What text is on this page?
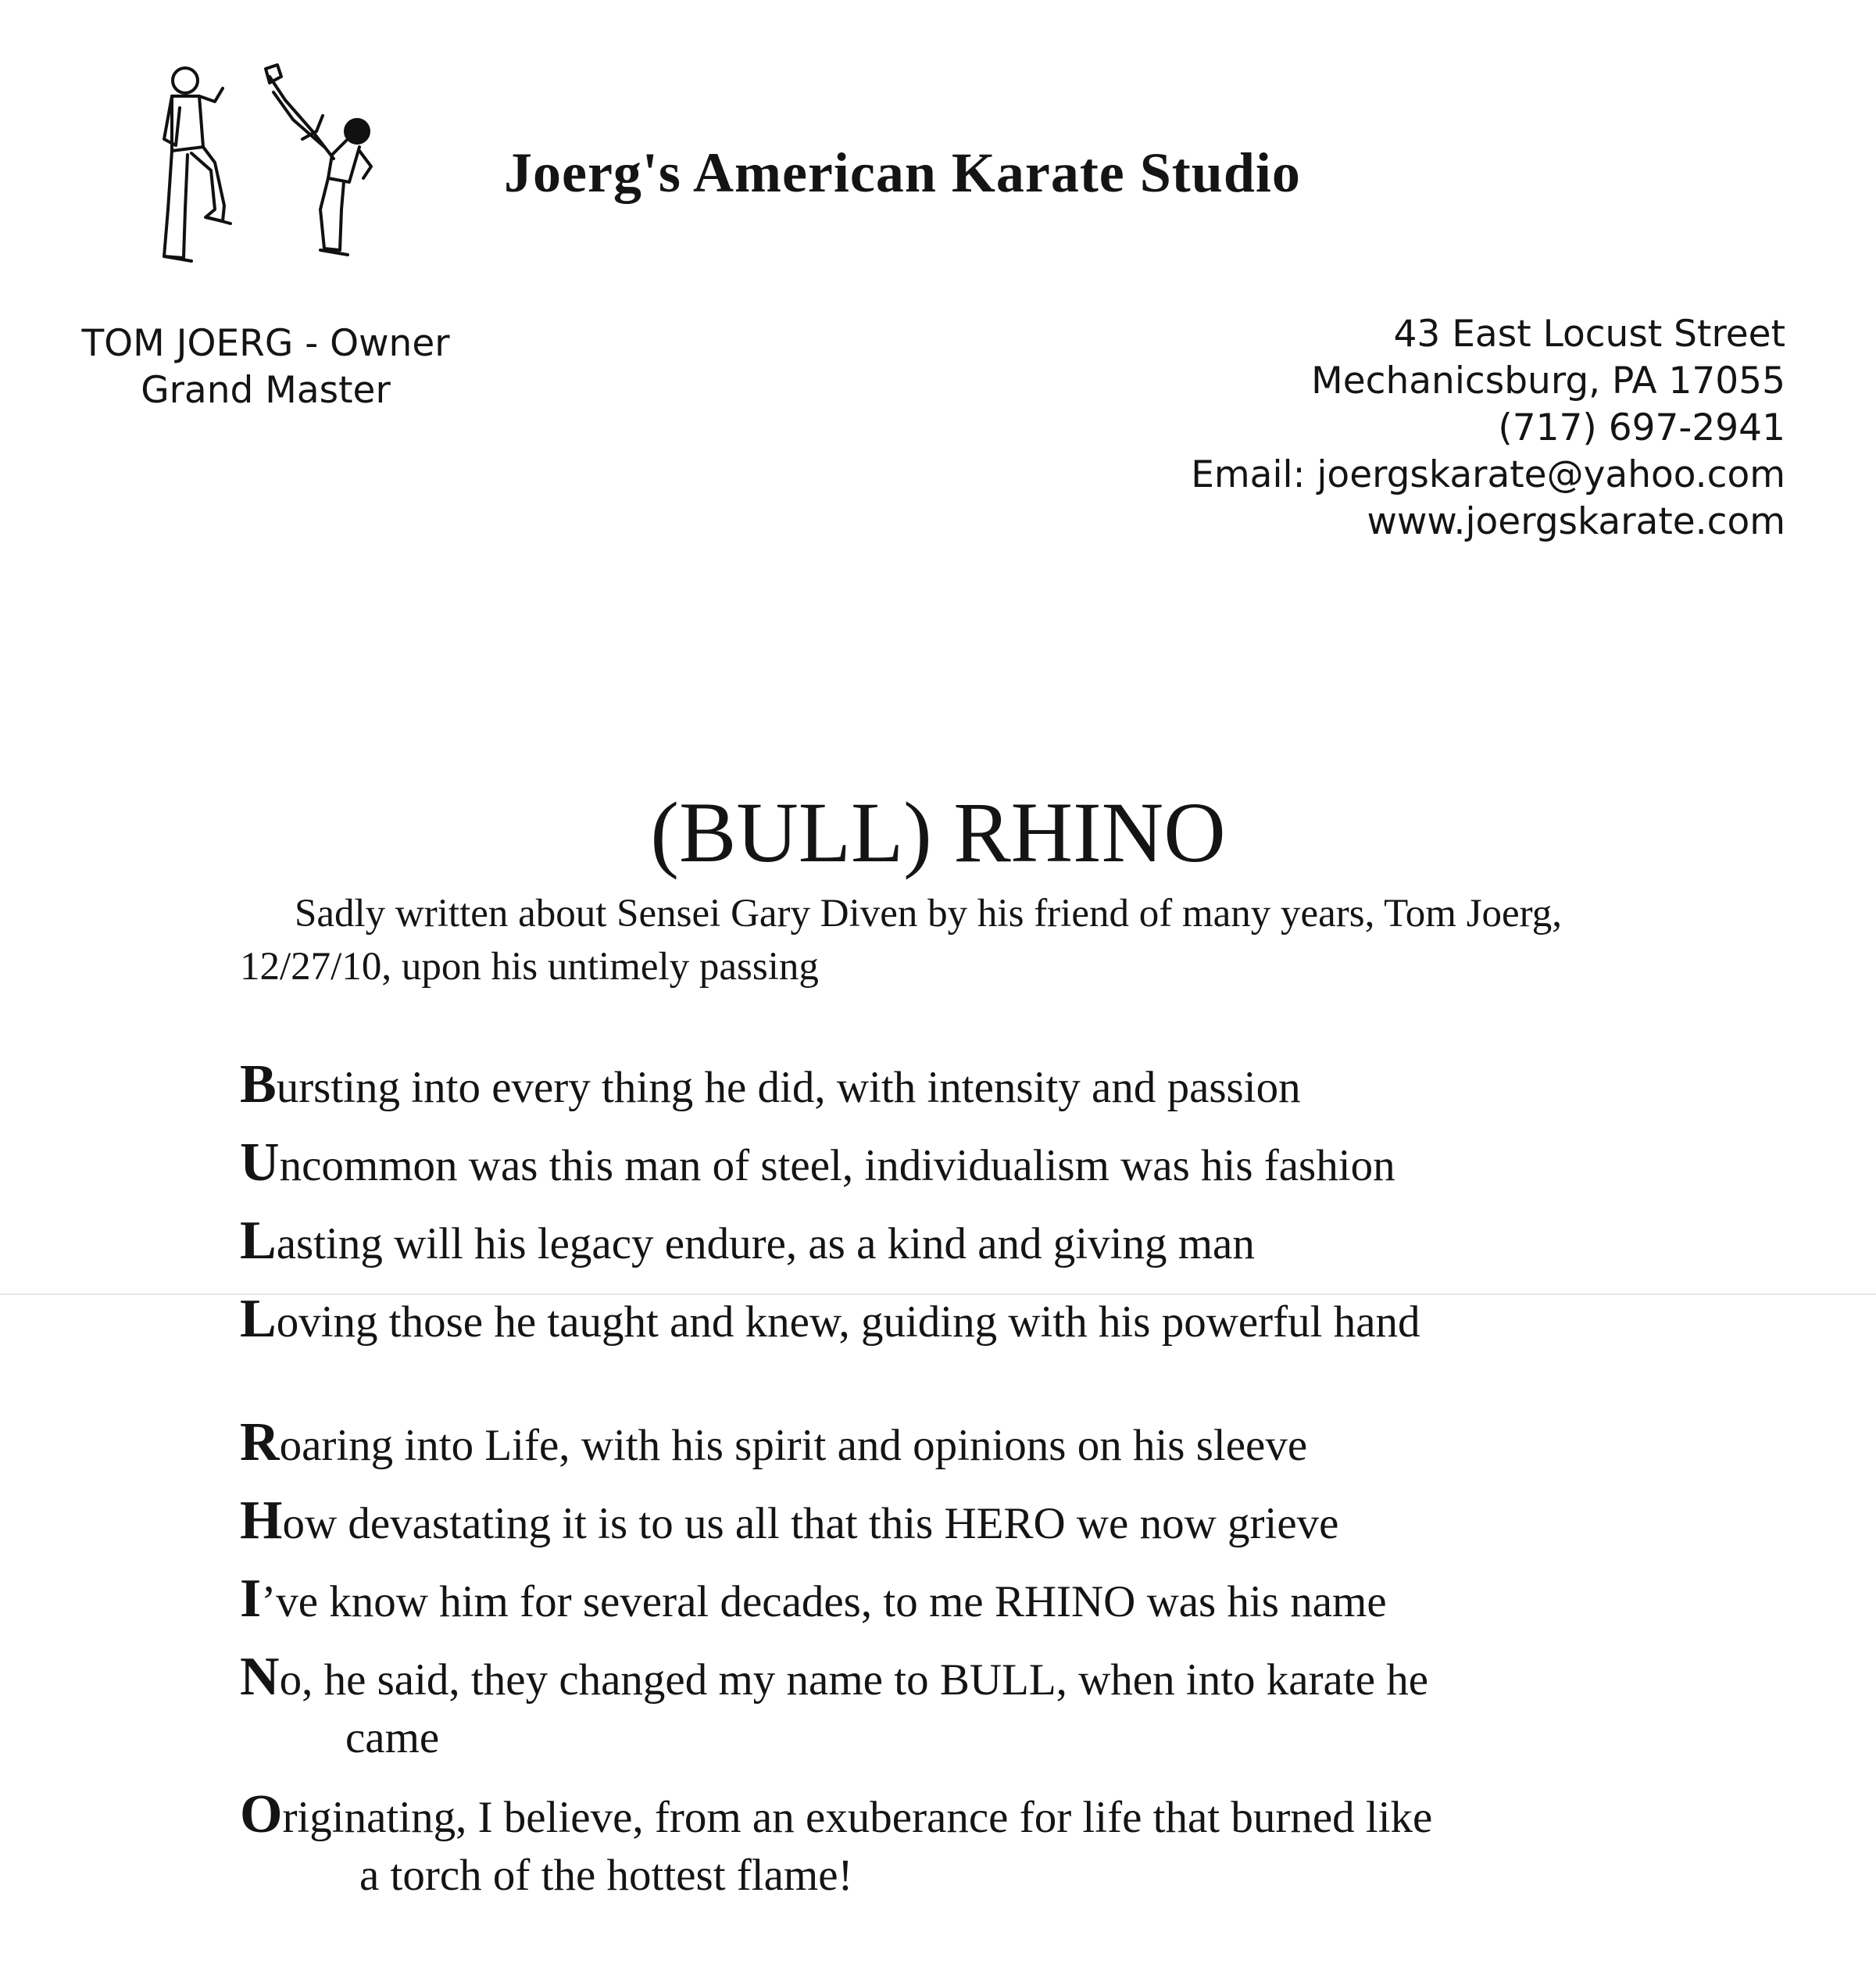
Joerg's American Karate Studio
TOM JOERG - Owner
Grand Master
43 East Locust Street
Mechanicsburg, PA 17055
(717) 697-2941
Email: joergskarate@yahoo.com
www.joergskarate.com
(BULL) RHINO
Sadly written about Sensei Gary Diven by his friend of many years, Tom Joerg, 12/27/10, upon his untimely passing
Bursting into every thing he did, with intensity and passion
Uncommon was this man of steel, individualism was his fashion
Lasting will his legacy endure, as a kind and giving man
Loving those he taught and knew, guiding with his powerful hand
Roaring into Life, with his spirit and opinions on his sleeve
How devastating it is to us all that this HERO we now grieve
I’ve know him for several decades, to me RHINO was his name
No, he said, they changed my name to BULL, when into karate he
came
Originating, I believe, from an exuberance for life that burned like
a torch of the hottest flame!
